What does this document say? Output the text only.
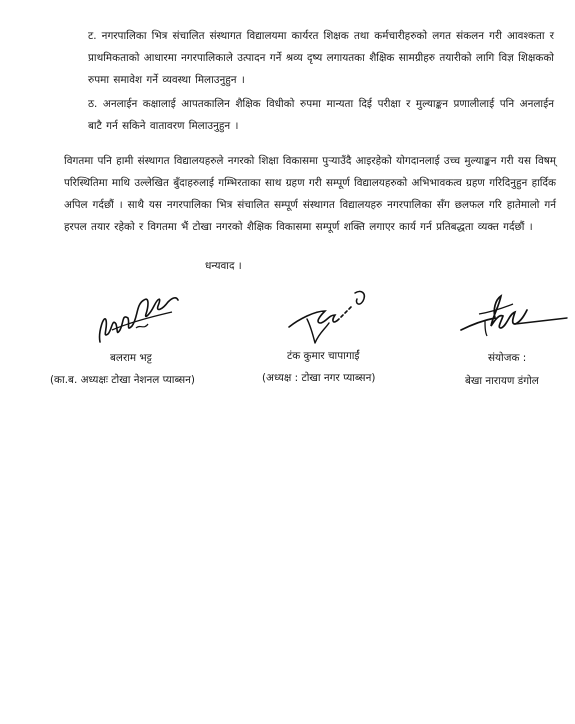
ट. नगरपालिका भित्र संचालित संस्थागत विद्यालयमा कार्यरत शिक्षक तथा कर्मचारीहरुको लगत संकलन गरी आवश्कता र प्राथमिकताको आधारमा नगरपालिकाले उत्पादन गर्ने श्रव्य दृष्य लगायतका शैक्षिक सामग्रीहरु तयारीको लागि विज्ञ शिक्षकको रुपमा समावेश गर्ने व्यवस्था मिलाउनुहुन ।

ठ. अनलाईन कक्षालाई आपतकालिन शैक्षिक विधीको रुपमा मान्यता दिई परीक्षा र मुल्याङ्कन प्रणालीलाई पनि अनलाईन बाटै गर्न सकिने वातावरण मिलाउनुहुन ।

विगतमा पनि हामी संस्थागत विद्यालयहरुले नगरको शिक्षा विकासमा पुऱ्याउँदै आइरहेको योगदानलाई उच्च मुल्याङ्कन गरी यस विषम् परिस्थितिमा माथि उल्लेखित बुँदाहरुलाई गम्भिरताका साथ ग्रहण गरी सम्पूर्ण विद्यालयहरुको अभिभावकत्व ग्रहण गरिदिनुहुन हार्दिक अपिल गर्दछौं । साथै यस नगरपालिका भित्र संचालित सम्पूर्ण संस्थागत विद्यालयहरु नगरपालिका सँग छलफल गरि हातेमालो गर्न हरपल तयार रहेको र विगतमा भैं टोखा नगरको शैक्षिक विकासमा सम्पूर्ण शक्ति लगाएर कार्य गर्न प्रतिबद्धता व्यक्त गर्दछौं ।

धन्यवाद ।
बलराम भट्ट
(का.ब. अध्यक्षः टोखा नेशनल प्याब्सन)
टंक कुमार चापागाईं
(अध्यक्ष : टोखा नगर प्याब्सन)
संयोजक :
बेखा नारायण डंगोल
